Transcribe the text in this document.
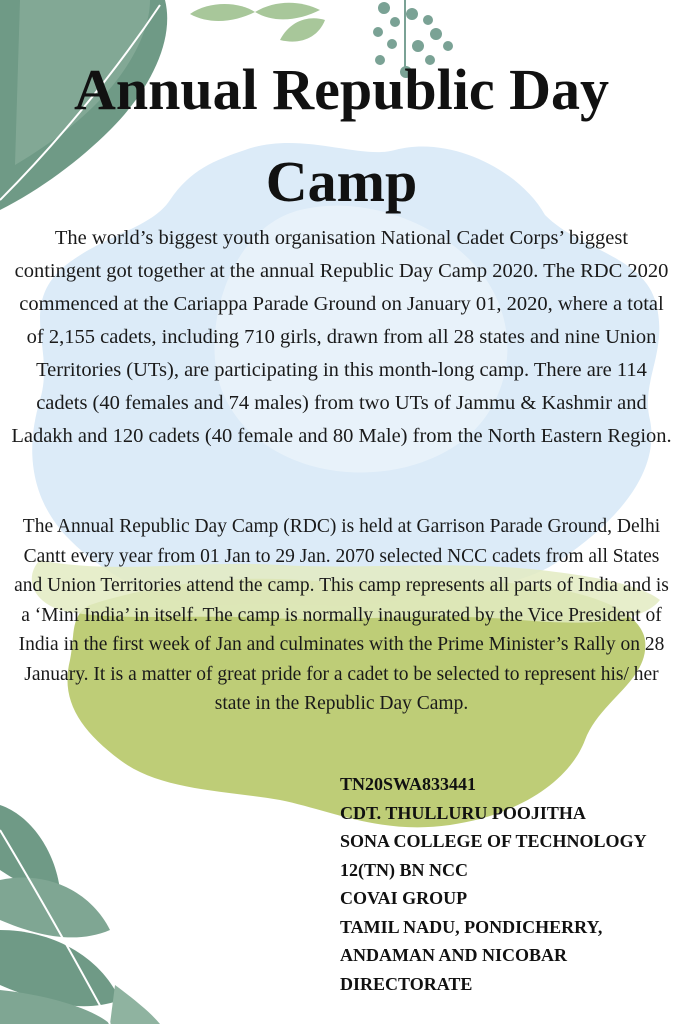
Annual Republic Day Camp

The world’s biggest youth organisation National Cadet Corps’ biggest contingent got together at the annual Republic Day Camp 2020. The RDC 2020 commenced at the Cariappa Parade Ground on January 01, 2020, where a total of 2,155 cadets, including 710 girls, drawn from all 28 states and nine Union Territories (UTs), are participating in this month-long camp. There are 114 cadets (40 females and 74 males) from two UTs of Jammu & Kashmir and Ladakh and 120 cadets (40 female and 80 Male) from the North Eastern Region.

The Annual Republic Day Camp (RDC) is held at Garrison Parade Ground, Delhi Cantt every year from 01 Jan to 29 Jan. 2070 selected NCC cadets from all States and Union Territories attend the camp. This camp represents all parts of India and is a ‘Mini India’ in itself. The camp is normally inaugurated by the Vice President of India in the first week of Jan and culminates with the Prime Minister’s Rally on 28 January. It is a matter of great pride for a cadet to be selected to represent his/ her state in the Republic Day Camp.

TN20SWA833441
CDT. THULLURU POOJITHA
SONA COLLEGE OF TECHNOLOGY
12(TN) BN NCC
COVAI GROUP
TAMIL NADU, PONDICHERRY,
ANDAMAN AND NICOBAR
DIRECTORATE
